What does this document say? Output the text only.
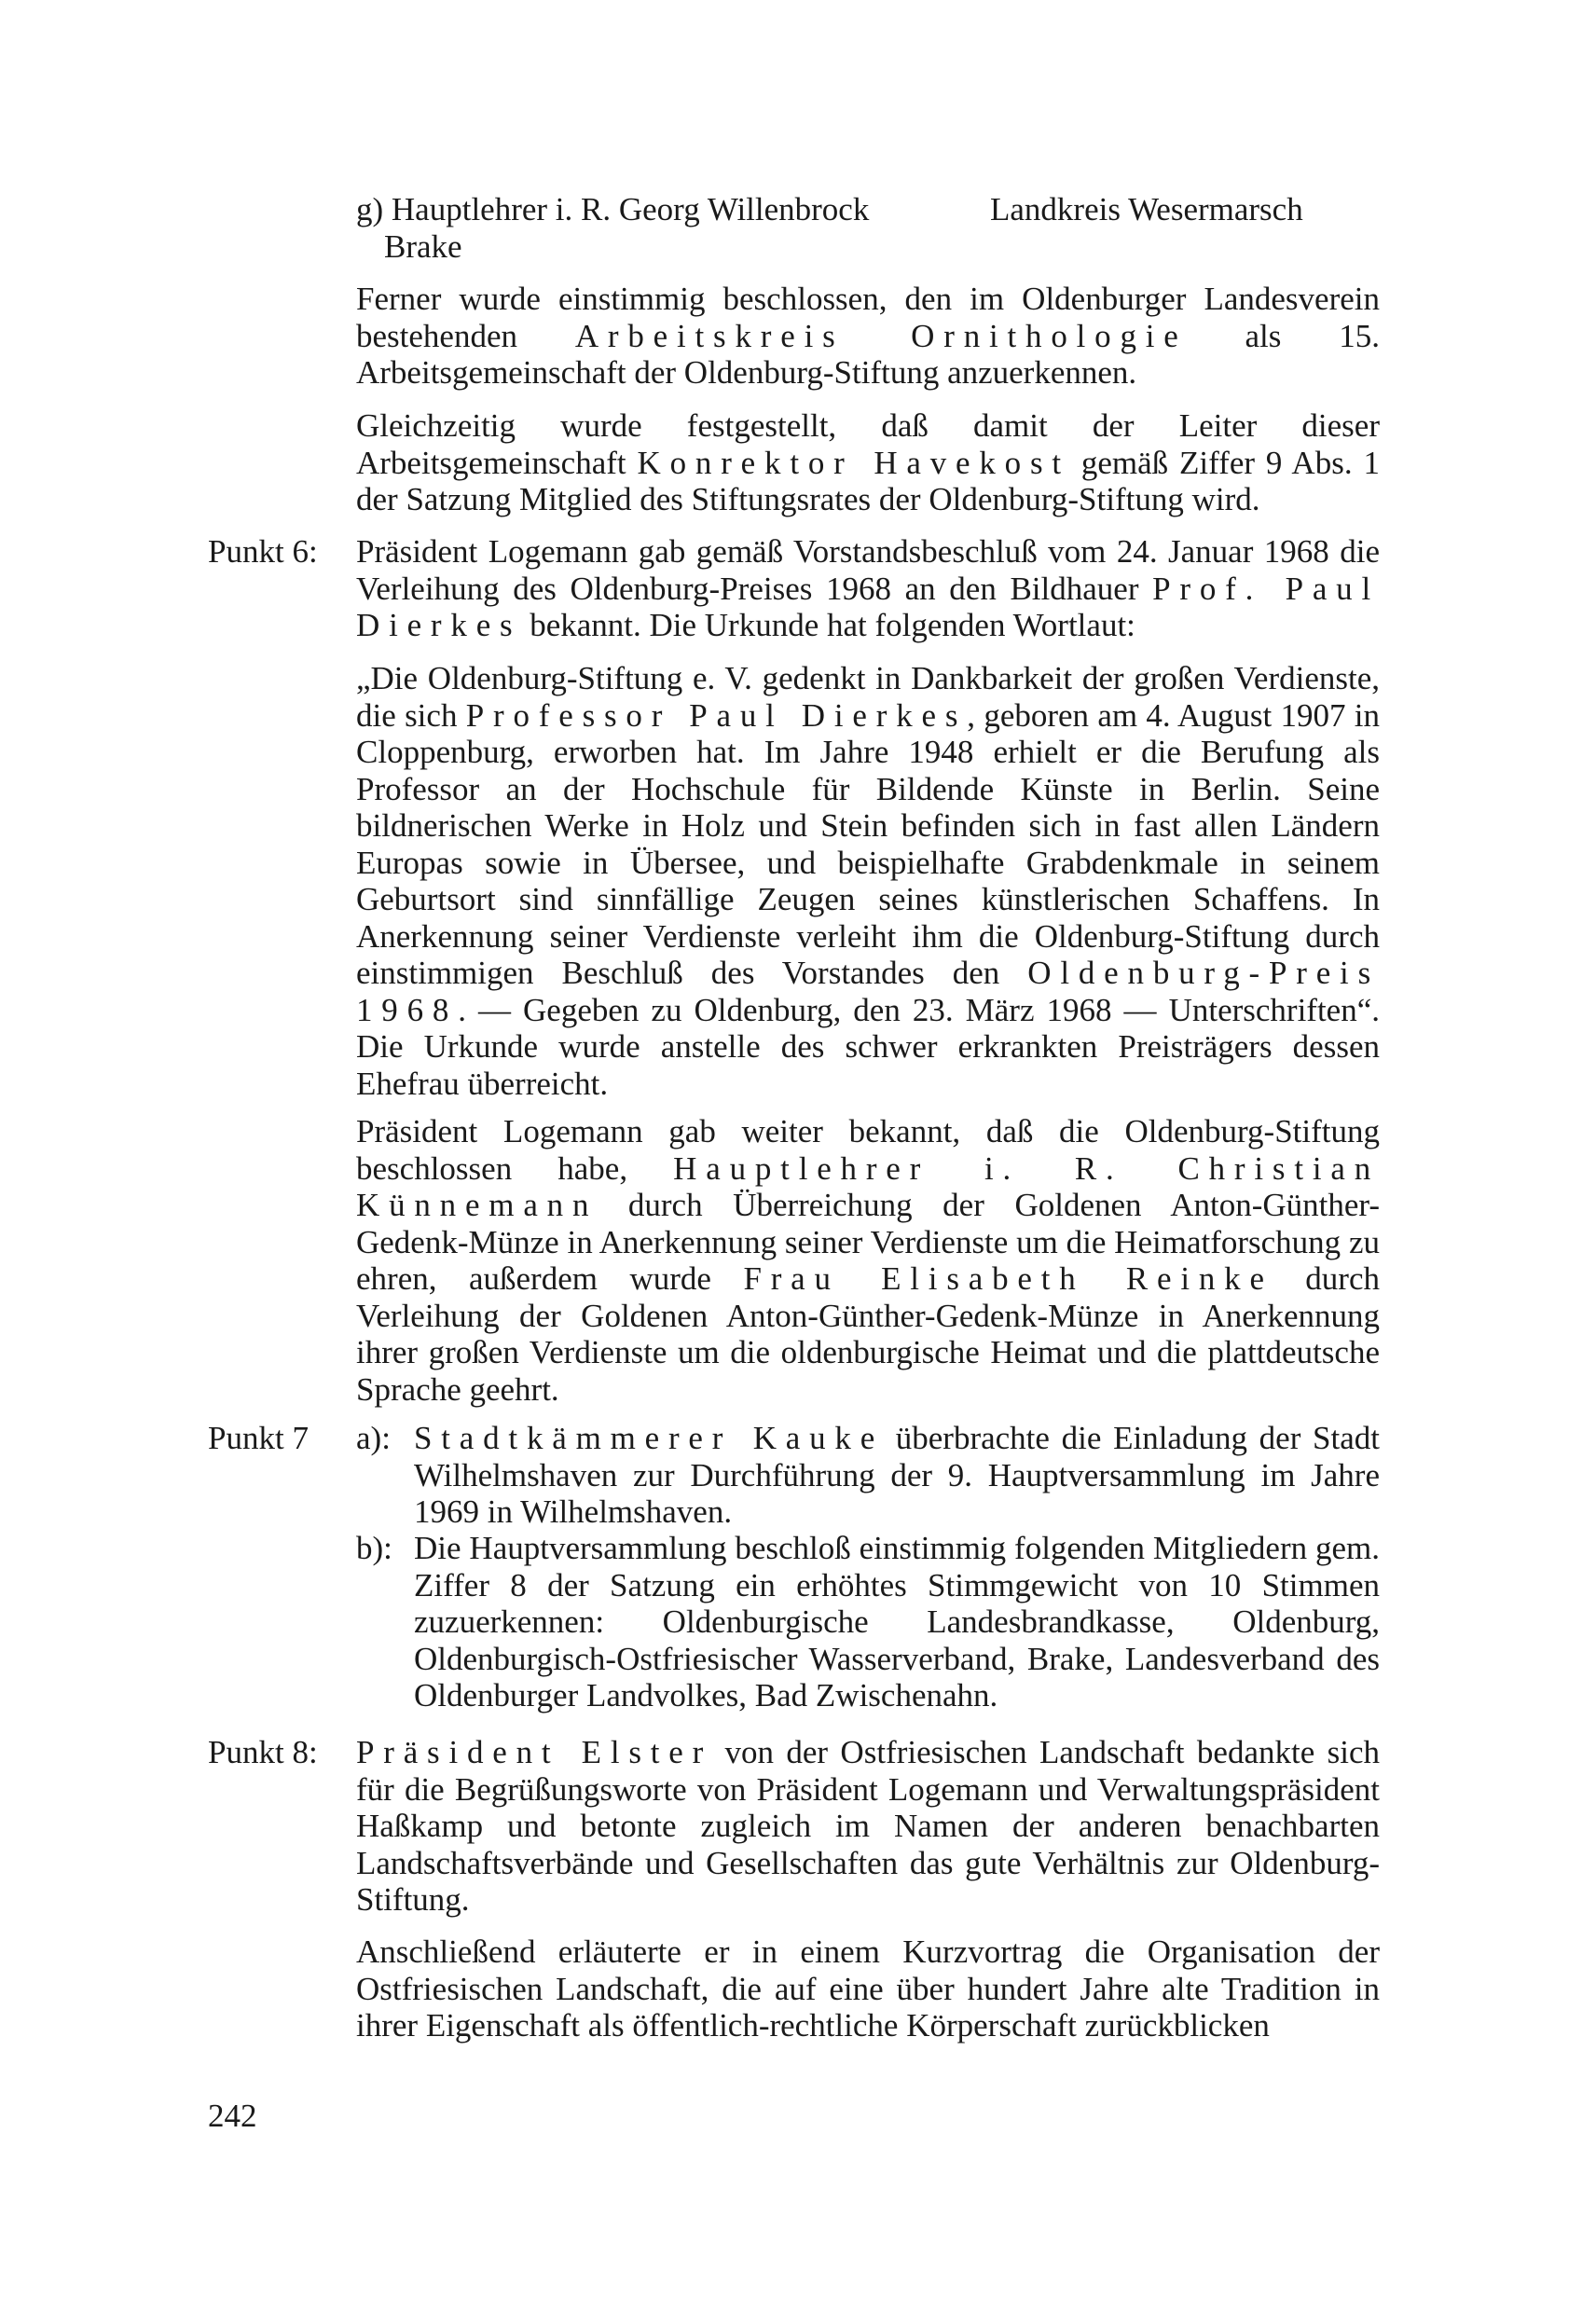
g) Hauptlehrer i. R. Georg Willenbrock	Landkreis Wesermarsch
Brake

Ferner wurde einstimmig beschlossen, den im Oldenburger Landesverein bestehenden Arbeitskreis Ornithologie als 15. Arbeitsgemeinschaft der Oldenburg-Stiftung anzuerkennen.

Gleichzeitig wurde festgestellt, daß damit der Leiter dieser Arbeitsgemeinschaft Konrektor Havekost gemäß Ziffer 9 Abs. 1 der Satzung Mitglied des Stiftungsrates der Oldenburg-Stiftung wird.

Punkt 6: Präsident Logemann gab gemäß Vorstandsbeschluß vom 24. Januar 1968 die Verleihung des Oldenburg-Preises 1968 an den Bildhauer Prof. Paul Dierkes bekannt. Die Urkunde hat folgenden Wortlaut:

„Die Oldenburg-Stiftung e. V. gedenkt in Dankbarkeit der großen Verdienste, die sich Professor Paul Dierkes, geboren am 4. August 1907 in Cloppenburg, erworben hat. Im Jahre 1948 erhielt er die Berufung als Professor an der Hochschule für Bildende Künste in Berlin. Seine bildnerischen Werke in Holz und Stein befinden sich in fast allen Ländern Europas sowie in Übersee, und beispielhafte Grabdenkmale in seinem Geburtsort sind sinnfällige Zeugen seines künstlerischen Schaffens. In Anerkennung seiner Verdienste verleiht ihm die Oldenburg-Stiftung durch einstimmigen Beschluß des Vorstandes den Oldenburg-Preis 1968. — Gegeben zu Oldenburg, den 23. März 1968 — Unterschriften“. Die Urkunde wurde anstelle des schwer erkrankten Preisträgers dessen Ehefrau überreicht.

Präsident Logemann gab weiter bekannt, daß die Oldenburg-Stiftung beschlossen habe, Hauptlehrer i. R. Christian Künnemann durch Überreichung der Goldenen Anton-Günther-Gedenk-Münze in Anerkennung seiner Verdienste um die Heimatforschung zu ehren, außerdem wurde Frau Elisabeth Reinke durch Verleihung der Goldenen Anton-Günther-Gedenk-Münze in Anerkennung ihrer großen Verdienste um die oldenburgische Heimat und die plattdeutsche Sprache geehrt.

Punkt 7 a): Stadtkämmerer Kauke überbrachte die Einladung der Stadt Wilhelmshaven zur Durchführung der 9. Hauptversammlung im Jahre 1969 in Wilhelmshaven.
b): Die Hauptversammlung beschloß einstimmig folgenden Mitgliedern gem. Ziffer 8 der Satzung ein erhöhtes Stimmgewicht von 10 Stimmen zuzuerkennen: Oldenburgische Landesbrandkasse, Oldenburg, Oldenburgisch-Ostfriesischer Wasserverband, Brake, Landesverband des Oldenburger Landvolkes, Bad Zwischenahn.
Punkt 8: Präsident Elster von der Ostfriesischen Landschaft bedankte sich für die Begrüßungsworte von Präsident Logemann und Verwaltungspräsident Haßkamp und betonte zugleich im Namen der anderen benachbarten Landschaftsverbände und Gesellschaften das gute Verhältnis zur Oldenburg-Stiftung.

Anschließend erläuterte er in einem Kurzvortrag die Organisation der Ostfriesischen Landschaft, die auf eine über hundert Jahre alte Tradition in ihrer Eigenschaft als öffentlich-rechtliche Körperschaft zurückblicken

242
